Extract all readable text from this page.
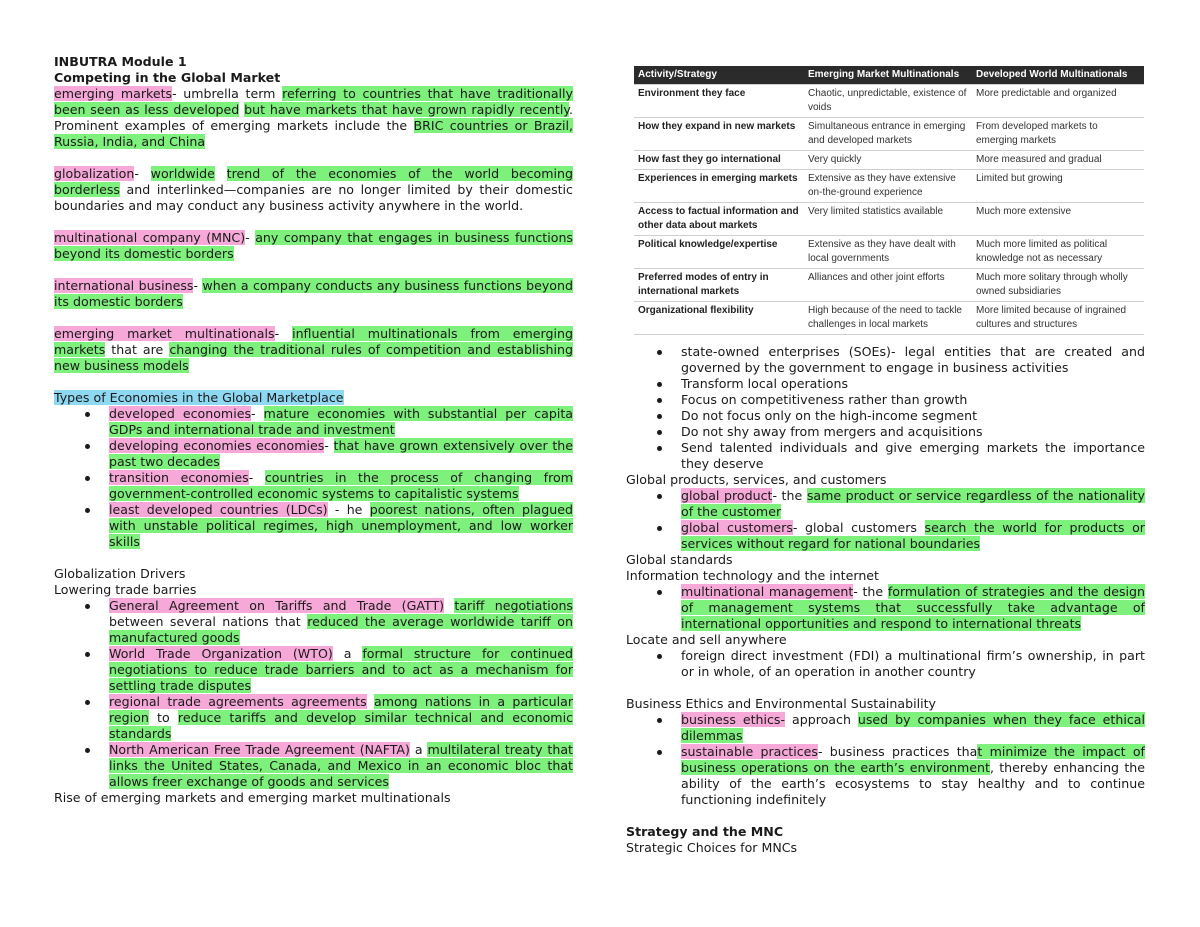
INBUTRA Module 1

Competing in the Global Market

emerging markets- umbrella term referring to countries that have traditionally been seen as less developed but have markets that have grown rapidly recently. Prominent examples of emerging markets include the BRIC countries or Brazil, Russia, India, and China

globalization- worldwide trend of the economies of the world becoming borderless and interlinked—companies are no longer limited by their domestic boundaries and may conduct any business activity anywhere in the world.

multinational company (MNC)- any company that engages in business functions beyond its domestic borders

international business- when a company conducts any business functions beyond its domestic borders

emerging market multinationals- influential multinationals from emerging markets that are changing the traditional rules of competition and establishing new business models

Types of Economies in the Global Marketplace

developed economies- mature economies with substantial per capita GDPs and international trade and investment
developing economies economies- that have grown extensively over the past two decades
transition economies- countries in the process of changing from government-controlled economic systems to capitalistic systems
least developed countries (LDCs) - he poorest nations, often plagued with unstable political regimes, high unemployment, and low worker skills

Globalization Drivers

Lowering trade barries

General Agreement on Tariffs and Trade (GATT) tariff negotiations between several nations that reduced the average worldwide tariff on manufactured goods
World Trade Organization (WTO) a formal structure for continued negotiations to reduce trade barriers and to act as a mechanism for settling trade disputes
regional trade agreements agreements among nations in a particular region to reduce tariffs and develop similar technical and economic standards
North American Free Trade Agreement (NAFTA) a multilateral treaty that links the United States, Canada, and Mexico in an economic bloc that allows freer exchange of goods and services

Rise of emerging markets and emerging market multinationals

Activity/Strategy	Emerging Market Multinationals	Developed World Multinationals
Environment they face	Chaotic, unpredictable, existence of voids	More predictable and organized
How they expand in new markets	Simultaneous entrance in emerging and developed markets	From developed markets to emerging markets
How fast they go international	Very quickly	More measured and gradual
Experiences in emerging markets	Extensive as they have extensive on-the-ground experience	Limited but growing
Access to factual information and other data about markets	Very limited statistics available	Much more extensive
Political knowledge/expertise	Extensive as they have dealt with local governments	Much more limited as political knowledge not as necessary
Preferred modes of entry in international markets	Alliances and other joint efforts	Much more solitary through wholly owned subsidiaries
Organizational flexibility	High because of the need to tackle challenges in local markets	More limited because of ingrained cultures and structures
state-owned enterprises (SOEs)- legal entities that are created and governed by the government to engage in business activities
Transform local operations
Focus on competitiveness rather than growth
Do not focus only on the high-income segment
Do not shy away from mergers and acquisitions
Send talented individuals and give emerging markets the importance they deserve

Global products, services, and customers

global product- the same product or service regardless of the nationality of the customer
global customers- global customers search the world for products or services without regard for national boundaries

Global standards

Information technology and the internet

multinational management- the formulation of strategies and the design of management systems that successfully take advantage of international opportunities and respond to international threats

Locate and sell anywhere

foreign direct investment (FDI) a multinational firm’s ownership, in part or in whole, of an operation in another country

Business Ethics and Environmental Sustainability

business ethics- approach used by companies when they face ethical dilemmas
sustainable practices- business practices that minimize the impact of business operations on the earth’s environment, thereby enhancing the ability of the earth’s ecosystems to stay healthy and to continue functioning indefinitely

Strategy and the MNC

Strategic Choices for MNCs
